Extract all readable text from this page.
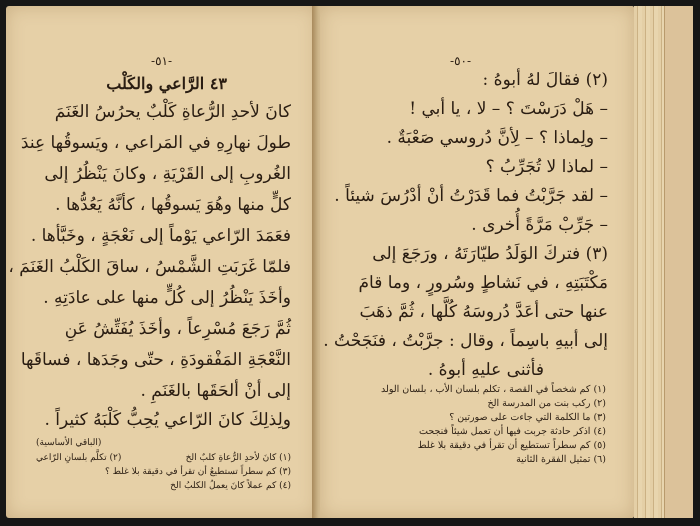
-٥١-
٤٣ الرَّاعي والكَلْب
كانَ لأحدِ الرُّعاةِ كَلْبٌ يحرُسُ الغَنَمَ
طولَ نهارِهِ في المَراعي ، ويَسوقُها عِندَ
الغُروبِ إلى القَرْيَةِ ، وكانَ يَنْظُرُ إلى
كلٍّ منها وهُوَ يَسوقُها ، كأنَّهُ يَعُدُّها .
فعَمَدَ الرّاعي يَوْماً إلى نَعْجَةٍ ، وخَبَّأها .
فلمّا غَرَبَتِ الشَّمْسُ ، ساقَ الكَلْبُ الغَنَمَ ،
وأخَذَ يَنْظُرُ إلى كُلٍّ منها على عادَتِهِ .
ثُمَّ رَجَعَ مُسْرِعاً ، وأخَذَ يُفَتِّشُ عَنِ
النَّعْجَةِ المَفْقودَةِ ، حتّى وجَدَها ، فساقَها
إلى أنْ ألحَقَها بالغَنَمِ .
ولِذلِكَ كانَ الرّاعي يُحِبُّ كَلْبَهُ كثيراً .
(الباقي الأساسية)
(١) كانَ لأحدِ الرُّعاةِ كلبٌ الخ
(٢) تكلَّم بلسانِ الرّاعي
(٣) كم سطراً تستطيعُ أن تقرأ في دقيقة بلا غلط ؟
(٤) كم عملاً كانَ يعملُ الكلبُ الخ
-٥٠-
(٢) فقالَ لهُ أبوهُ :
– هَلْ دَرَسْتَ ؟ – لا ، يا أبي !
– ولِماذا ؟ – لِأنَّ دُروسي صَعْبَةٌ .
– لماذا لا تُجَرِّبُ ؟
– لقد جَرَّبْتُ فما قَدَرْتُ أنْ أدْرُسَ شيئاً .
– جَرِّبْ مَرَّةً أُخرى .
(٣) فتركَ الوَلَدُ طيّارَتَهُ ، ورَجَعَ إلى
مَكْتَبَتِهِ ، في نَشاطٍ وسُرورٍ ، وما قامَ
عنها حتى أعَدَّ دُروسَهُ كُلَّها ، ثُمَّ ذهَبَ
إلى أبيهِ باسِماً ، وقال : جرَّبْتُ ، فنَجَحْتُ .
فأثنى عليهِ أبوهُ .
(١) كم شخصاً في القصة ، تكلم بلسان الأب ، بلسان الولد
(٢) ركب بنت من المدرسة الخ
(٣) ما الكلمة التي جاءت على صورتين ؟
(٤) اذكر حادثة جربت فيها أن تعمل شيئاً فنجحت
(٥) كم سطراً تستطيع أن تقرأ في دقيقة بلا غلط
(٦) تمثيل الفقرة الثانية
